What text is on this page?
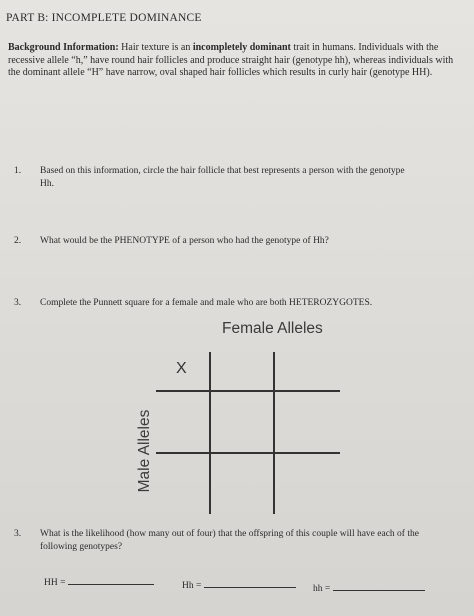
PART B: INCOMPLETE DOMINANCE
Background Information: Hair texture is an incompletely dominant trait in humans. Individuals with the recessive allele “h,” have round hair follicles and produce straight hair (genotype hh), whereas individuals with the dominant allele “H” have narrow, oval shaped hair follicles which results in curly hair (genotype HH).
1. Based on this information, circle the hair follicle that best represents a person with the genotype Hh.
2. What would be the PHENOTYPE of a person who had the genotype of Hh?
3. Complete the Punnett square for a female and male who are both HETEROZYGOTES.
Female Alleles
Male Alleles
X
3. What is the likelihood (how many out of four) that the offspring of this couple will have each of the following genotypes?
HH =	Hh =	hh =
